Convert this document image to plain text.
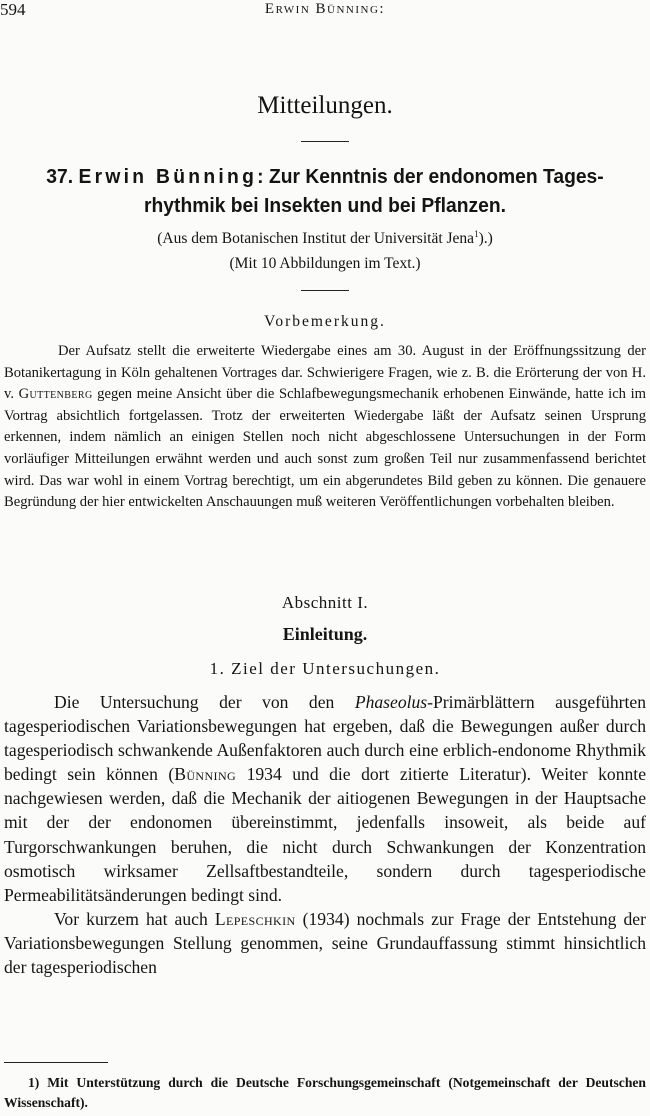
594	Erwin Bünning:
Mitteilungen.
37. Erwin Bünning: Zur Kenntnis der endonomen Tages-
rhythmik bei Insekten und bei Pflanzen.
(Aus dem Botanischen Institut der Universität Jena$^1$).)
(Mit 10 Abbildungen im Text.)
Vorbemerkung.

Der Aufsatz stellt die erweiterte Wiedergabe eines am 30. August in der Eröffnungssitzung der Botanikertagung in Köln gehaltenen Vortrages dar. Schwierigere Fragen, wie z. B. die Erörterung der von H. v. Guttenberg gegen meine Ansicht über die Schlafbewegungsmechanik erhobenen Einwände, hatte ich im Vortrag absichtlich fortgelassen. Trotz der erweiterten Wiedergabe läßt der Aufsatz seinen Ursprung erkennen, indem nämlich an einigen Stellen noch nicht abgeschlossene Untersuchungen in der Form vorläufiger Mitteilungen erwähnt werden und auch sonst zum großen Teil nur zusammenfassend berichtet wird. Das war wohl in einem Vortrag berechtigt, um ein abgerundetes Bild geben zu können. Die genauere Begründung der hier entwickelten Anschauungen muß weiteren Veröffentlichungen vorbehalten bleiben.

Abschnitt I.
Einleitung.
1. Ziel der Untersuchungen.

Die Untersuchung der von den Phaseolus-Primärblättern ausgeführten tagesperiodischen Variationsbewegungen hat ergeben, daß die Bewegungen außer durch tagesperiodisch schwankende Außenfaktoren auch durch eine erblich-endonome Rhythmik bedingt sein können (Bünning 1934 und die dort zitierte Literatur). Weiter konnte nachgewiesen werden, daß die Mechanik der aitiogenen Bewegungen in der Hauptsache mit der der endonomen übereinstimmt, jedenfalls insoweit, als beide auf Turgorschwankungen beruhen, die nicht durch Schwankungen der Konzentration osmotisch wirksamer Zellsaftbestandteile, sondern durch tagesperiodische Permeabilitätsänderungen bedingt sind.

Vor kurzem hat auch Lepeschkin (1934) nochmals zur Frage der Entstehung der Variationsbewegungen Stellung genommen, seine Grundauffassung stimmt hinsichtlich der tagesperiodischen

1) Mit Unterstützung durch die Deutsche Forschungsgemeinschaft (Notgemeinschaft der Deutschen Wissenschaft).
